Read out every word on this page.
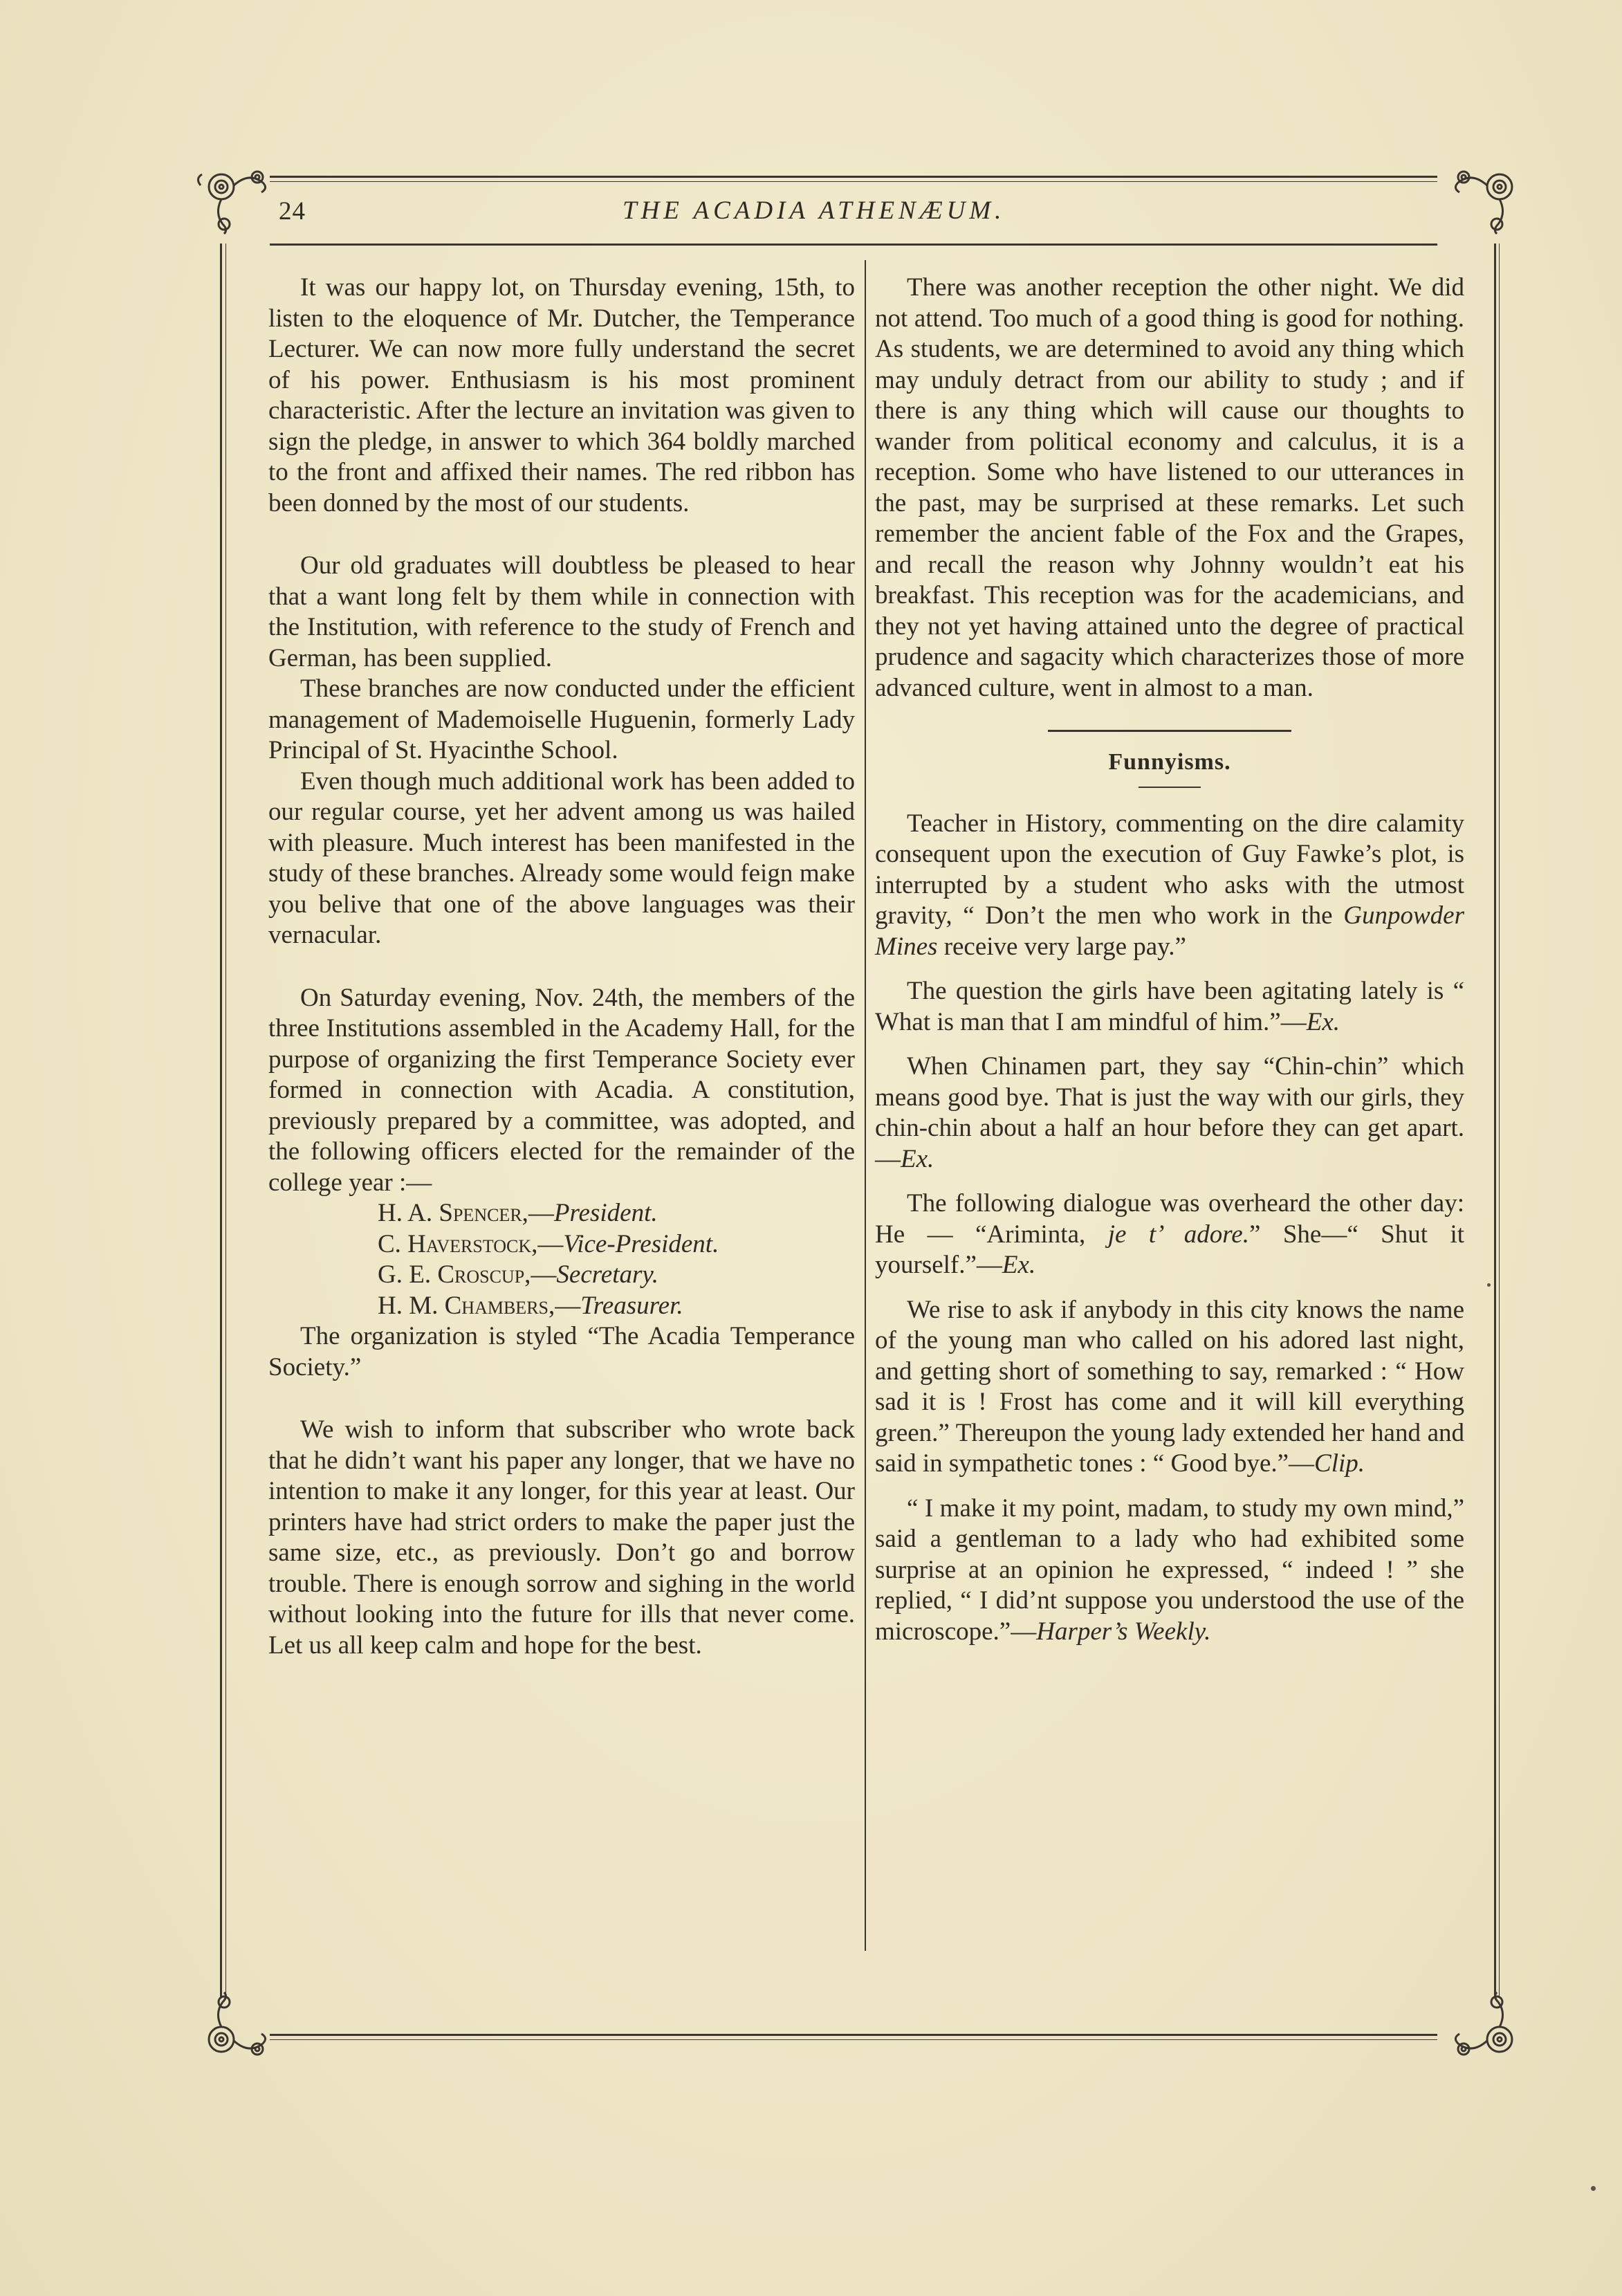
24	THE ACADIA ATHENÆUM.

It was our happy lot, on Thursday evening, 15th, to listen to the eloquence of Mr. Dutcher, the Temperance Lecturer. We can now more fully understand the secret of his power. Enthusiasm is his most prominent characteristic. After the lecture an invitation was given to sign the pledge, in answer to which 364 boldly marched to the front and affixed their names. The red ribbon has been donned by the most of our students.

Our old graduates will doubtless be pleased to hear that a want long felt by them while in connection with the Institution, with reference to the study of French and German, has been supplied.

These branches are now conducted under the efficient management of Mademoiselle Huguenin, formerly Lady Principal of St. Hyacinthe School.

Even though much additional work has been added to our regular course, yet her advent among us was hailed with pleasure. Much interest has been manifested in the study of these branches. Already some would feign make you belive that one of the above languages was their vernacular.

On Saturday evening, Nov. 24th, the members of the three Institutions assembled in the Academy Hall, for the purpose of organizing the first Temperance Society ever formed in connection with Acadia. A constitution, previously prepared by a committee, was adopted, and the following officers elected for the remainder of the college year :—

H. A. Spencer,—President.
C. Haverstock,—Vice-President.
G. E. Croscup,—Secretary.
H. M. Chambers,—Treasurer.

The organization is styled “The Acadia Temperance Society.”

We wish to inform that subscriber who wrote back that he didn’t want his paper any longer, that we have no intention to make it any longer, for this year at least. Our printers have had strict orders to make the paper just the same size, etc., as previously. Don’t go and borrow trouble. There is enough sorrow and sighing in the world without looking into the future for ills that never come. Let us all keep calm and hope for the best.

There was another reception the other night. We did not attend. Too much of a good thing is good for nothing. As students, we are determined to avoid any thing which may unduly detract from our ability to study ; and if there is any thing which will cause our thoughts to wander from political economy and calculus, it is a reception. Some who have listened to our utterances in the past, may be surprised at these remarks. Let such remember the ancient fable of the Fox and the Grapes, and recall the reason why Johnny wouldn’t eat his breakfast. This reception was for the academicians, and they not yet having attained unto the degree of practical prudence and sagacity which characterizes those of more advanced culture, went in almost to a man.

Funnyisms.

Teacher in History, commenting on the dire calamity consequent upon the execution of Guy Fawke’s plot, is interrupted by a student who asks with the utmost gravity, “ Don’t the men who work in the Gunpowder Mines receive very large pay.”

The question the girls have been agitating lately is “ What is man that I am mindful of him.”—Ex.

When Chinamen part, they say “Chin-chin” which means good bye. That is just the way with our girls, they chin-chin about a half an hour before they can get apart.—Ex.

The following dialogue was overheard the other day: He — “Ariminta, je t’ adore.” She—“ Shut it yourself.”—Ex.

We rise to ask if anybody in this city knows the name of the young man who called on his adored last night, and getting short of something to say, remarked : “ How sad it is ! Frost has come and it will kill everything green.” Thereupon the young lady extended her hand and said in sympathetic tones : “ Good bye.”—Clip.

“ I make it my point, madam, to study my own mind,” said a gentleman to a lady who had exhibited some surprise at an opinion he expressed, “ indeed ! ” she replied, “ I did’nt suppose you understood the use of the microscope.”—Harper’s Weekly.
